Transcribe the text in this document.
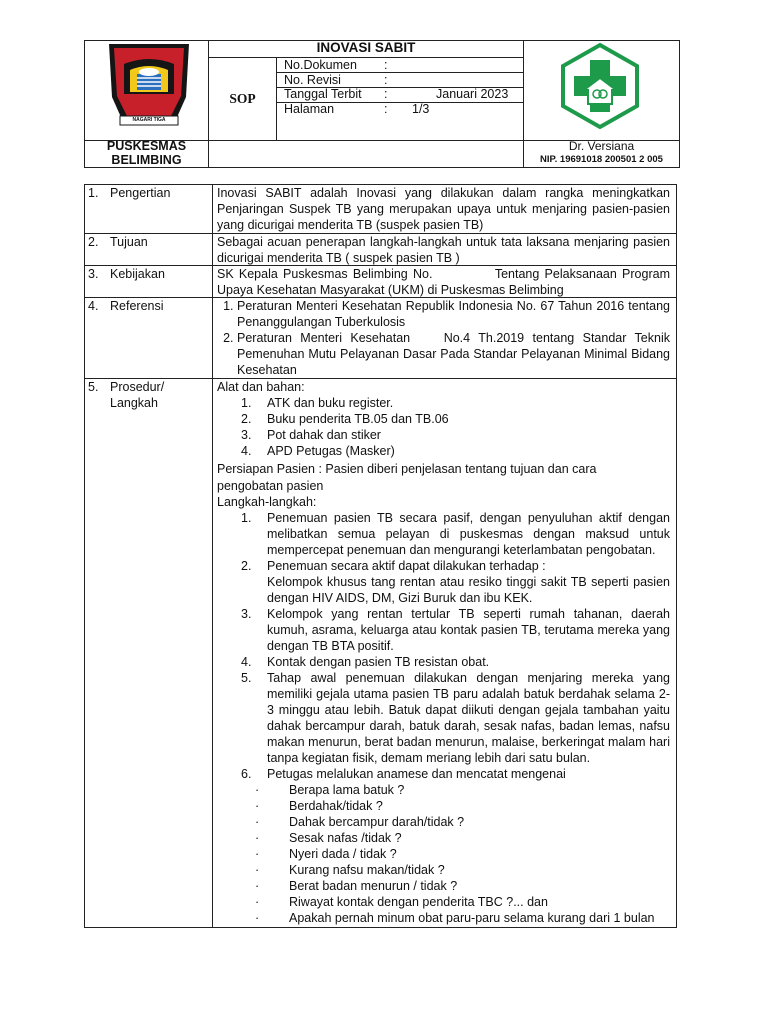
NAGARI TIGA
INOVASI SABIT
SOP
No.Dokumen :
No. Revisi	:
Tanggal Terbit :	Januari 2023
Halaman	: 1/3
PUSKESMAS
BELIMBING
Dr. Versiana
NIP. 19691018 200501 2 005
1. Pengertian	Inovasi SABIT adalah Inovasi yang dilakukan dalam rangka meningkatkan Penjaringan Suspek TB yang merupakan upaya untuk menjaring pasien-pasien yang dicurigai menderita TB (suspek pasien TB)
2. Tujuan	Sebagai acuan penerapan langkah-langkah untuk tata laksana menjaring pasien dicurigai menderita TB ( suspek pasien TB )
3. Kebijakan	SK Kepala Puskesmas Belimbing No.            Tentang Pelaksanaan Program Upaya Kesehatan Masyarakat (UKM) di Puskesmas Belimbing
4. Referensi
1.	Peraturan Menteri Kesehatan Republik Indonesia No. 67 Tahun 2016 tentang Penanggulangan Tuberkulosis
2. Peraturan Menteri Kesehatan    No.4 Th.2019 tentang Standar Teknik Pemenuhan Mutu Pelayanan Dasar Pada Standar Pelayanan Minimal Bidang Kesehatan
5. Prosedur/
Langkah

Alat dan bahan:

1.	ATK dan buku register.
2.	Buku penderita TB.05 dan TB.06
3.	Pot dahak dan stiker
4.	APD Petugas (Masker)

Persiapan Pasien : Pasien diberi penjelasan tentang tujuan dan cara

pengobatan pasien

Langkah-langkah:

1.	Penemuan pasien TB secara pasif, dengan penyuluhan aktif dengan melibatkan semua pelayan di puskesmas dengan maksud untuk mempercepat penemuan dan mengurangi keterlambatan pengobatan.
2.	Penemuan secara aktif dapat dilakukan terhadap :
Kelompok khusus tang rentan atau resiko tinggi sakit TB seperti pasien dengan HIV AIDS, DM, Gizi Buruk dan ibu KEK.
3.	Kelompok yang rentan tertular TB seperti rumah tahanan, daerah kumuh, asrama, keluarga atau kontak pasien TB, terutama mereka yang dengan TB BTA positif.
4.	Kontak dengan pasien TB resistan obat.
5.	Tahap awal penemuan dilakukan dengan menjaring mereka yang memiliki gejala utama pasien TB paru adalah batuk berdahak selama 2-3 minggu atau lebih. Batuk dapat diikuti dengan gejala tambahan yaitu dahak bercampur darah, batuk darah, sesak nafas, badan lemas, nafsu makan menurun, berat badan menurun, malaise, berkeringat malam hari tanpa kegiatan fisik, demam meriang lebih dari satu bulan.
6.	Petugas melalukan anamese dan mencatat mengenai
·	Berapa lama batuk ?
·	Berdahak/tidak ?
·	Dahak bercampur darah/tidak ?
·	Sesak nafas /tidak ?
·	Nyeri dada / tidak ?
·	Kurang nafsu makan/tidak ?
·	Berat badan menurun / tidak ?
·	Riwayat kontak dengan penderita TBC ?... dan
·	Apakah pernah minum obat paru-paru selama kurang dari 1 bulan
